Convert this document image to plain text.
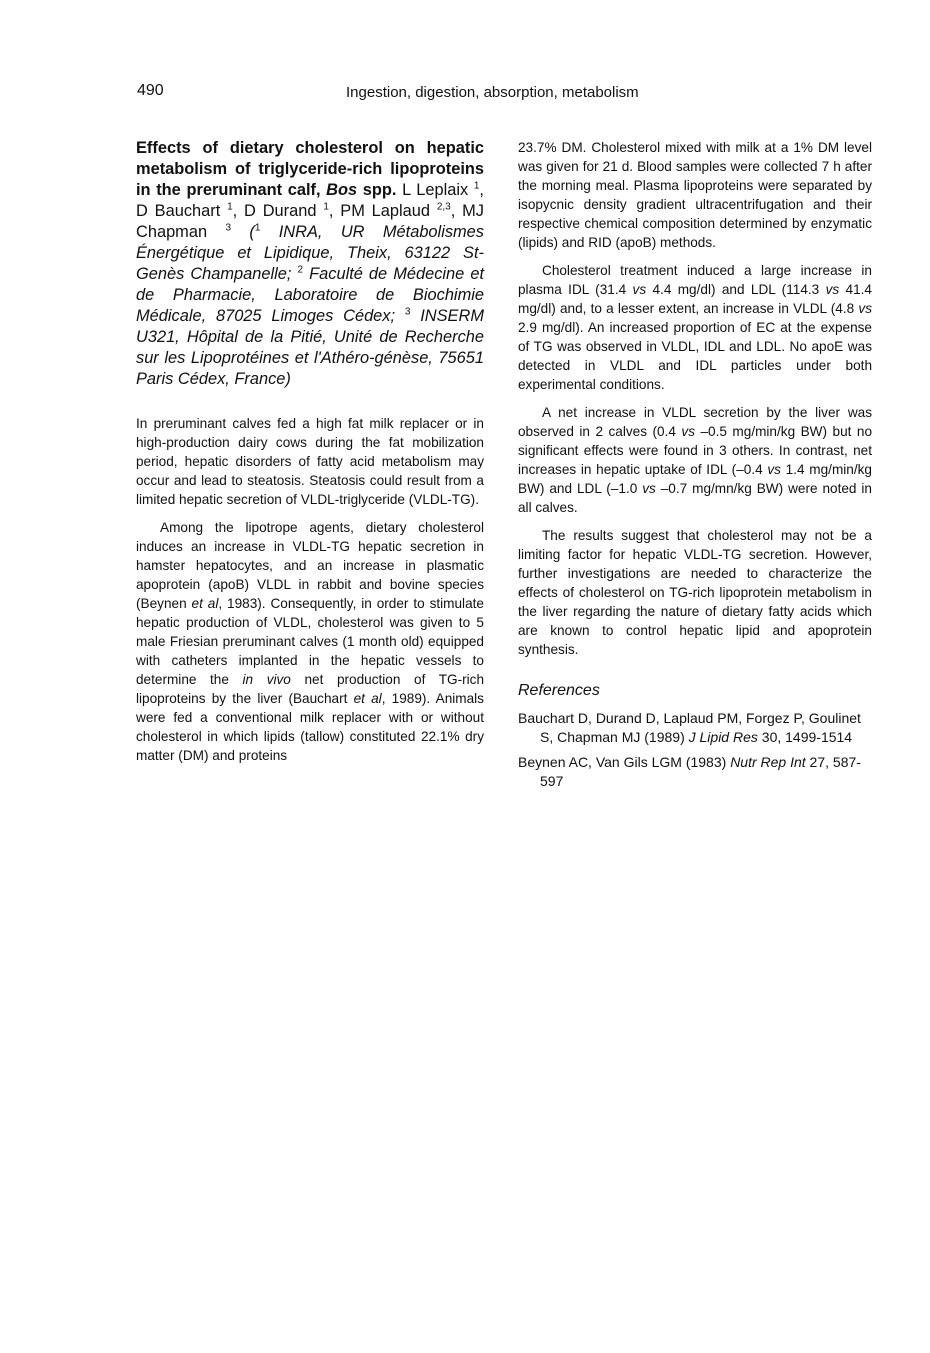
490	Ingestion, digestion, absorption, metabolism

Effects of dietary cholesterol on hepatic metabolism of triglyceride-rich lipoproteins in the preruminant calf, Bos spp. L Leplaix $^1$, D Bauchart $^1$, D Durand $^1$, PM Laplaud $^{2,3}$, MJ Chapman $^3$ ($^1$ INRA, UR Métabolismes Énergétique et Lipidique, Theix, 63122 St-Genès Champanelle; $^2$ Faculté de Médecine et de Pharmacie, Laboratoire de Biochimie Médicale, 87025 Limoges Cédex; $^3$ INSERM U321, Hôpital de la Pitié, Unité de Recherche sur les Lipoprotéines et l'Athéro-génèse, 75651 Paris Cédex, France)

In preruminant calves fed a high fat milk replacer or in high-production dairy cows during the fat mobilization period, hepatic disorders of fatty acid metabolism may occur and lead to steatosis. Steatosis could result from a limited hepatic secretion of VLDL-triglyceride (VLDL-TG).

Among the lipotrope agents, dietary cholesterol induces an increase in VLDL-TG hepatic secretion in hamster hepatocytes, and an increase in plasmatic apoprotein (apoB) VLDL in rabbit and bovine species (Beynen et al, 1983). Consequently, in order to stimulate hepatic production of VLDL, cholesterol was given to 5 male Friesian preruminant calves (1 month old) equipped with catheters implanted in the hepatic vessels to determine the in vivo net production of TG-rich lipoproteins by the liver (Bauchart et al, 1989). Animals were fed a conventional milk replacer with or without cholesterol in which lipids (tallow) constituted 22.1% dry matter (DM) and proteins

23.7% DM. Cholesterol mixed with milk at a 1% DM level was given for 21 d. Blood samples were collected 7 h after the morning meal. Plasma lipoproteins were separated by isopycnic density gradient ultracentrifugation and their respective chemical composition determined by enzymatic (lipids) and RID (apoB) methods.

Cholesterol treatment induced a large increase in plasma IDL (31.4 vs 4.4 mg/dl) and LDL (114.3 vs 41.4 mg/dl) and, to a lesser extent, an increase in VLDL (4.8 vs 2.9 mg/dl). An increased proportion of EC at the expense of TG was observed in VLDL, IDL and LDL. No apoE was detected in VLDL and IDL particles under both experimental conditions.

A net increase in VLDL secretion by the liver was observed in 2 calves (0.4 vs –0.5 mg/min/kg BW) but no significant effects were found in 3 others. In contrast, net increases in hepatic uptake of IDL (–0.4 vs 1.4 mg/min/kg BW) and LDL (–1.0 vs –0.7 mg/mn/kg BW) were noted in all calves.

The results suggest that cholesterol may not be a limiting factor for hepatic VLDL-TG secretion. However, further investigations are needed to characterize the effects of cholesterol on TG-rich lipoprotein metabolism in the liver regarding the nature of dietary fatty acids which are known to control hepatic lipid and apoprotein synthesis.

References

Bauchart D, Durand D, Laplaud PM, Forgez P, Goulinet S, Chapman MJ (1989) J Lipid Res 30, 1499-1514

Beynen AC, Van Gils LGM (1983) Nutr Rep Int 27, 587-597
